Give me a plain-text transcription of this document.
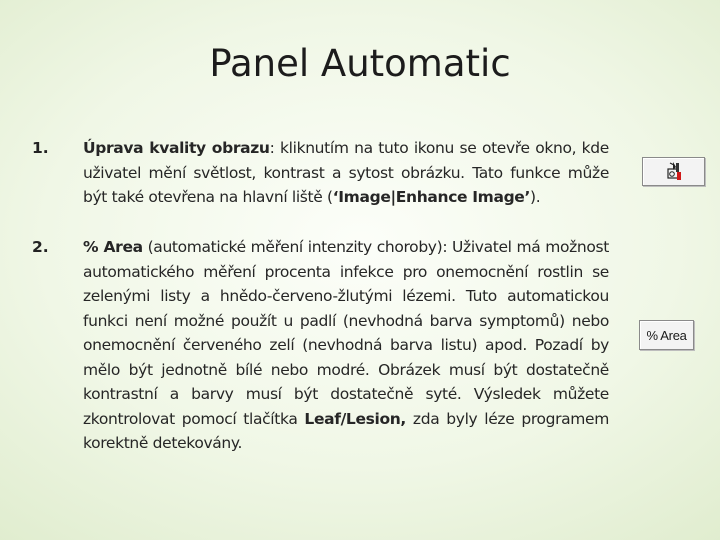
Panel Automatic
1. Úprava kvality obrazu: kliknutím na tuto ikonu se otevře okno, kde uživatel mění světlost, kontrast a sytost obrázku. Tato funkce může být také otevřena na hlavní liště (‘Image|Enhance Image’).
2. % Area (automatické měření intenzity choroby): Uživatel má možnost automatického měření procenta infekce pro onemocnění rostlin se zelenými listy a hnědo-červeno-žlutými lézemi. Tuto automatickou funkci není možné použít u padlí (nevhodná barva symptomů) nebo onemocnění červeného zelí (nevhodná barva listu) apod. Pozadí by mělo být jednotně bílé nebo modré. Obrázek musí být dostatečně kontrastní a barvy musí být dostatečně syté. Výsledek můžete zkontrolovat pomocí tlačítka Leaf/Lesion, zda byly léze programem korektně detekovány.
% Area
